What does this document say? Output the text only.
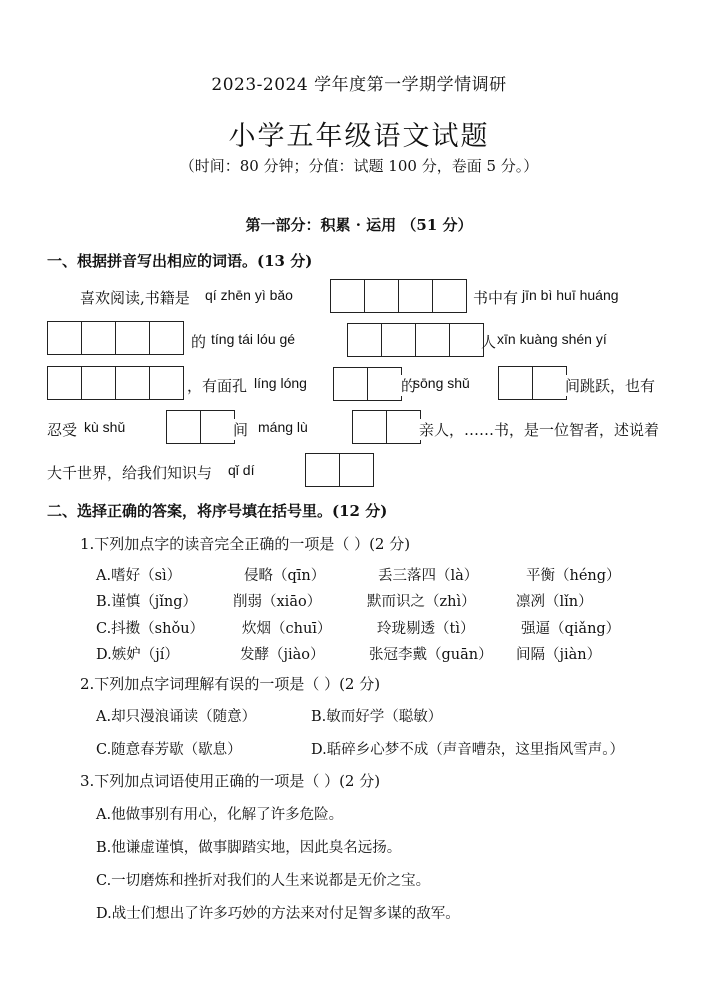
2023-2024 学年度第一学期学情调研
小学五年级语文试题
（时间：80 分钟；分值：试题 100 分，卷面 5 分。）
第一部分：积累 · 运用 （51 分）
一、根据拼音写出相应的词语。(13 分)
喜欢阅读,书籍是 qí zhēn yì bǎo	书中有 jīn bì huī huáng
的 tíng tái lóu gé	人 xīn kuàng shén yí
，有面孔 líng lóng	的
sōng shǔ	间跳跃，也有
忍受 kù shǔ	间 máng lù	亲人，……书，是一位智者，述说着
大千世界，给我们知识与 qǐ dí
二、选择正确的答案，将序号填在括号里。(12 分)
1.下列加点字的读音完全正确的一项是（ ）(2 分)
A.嗜好（sì）	侵略（qīn）	丢三落四（là）	平衡（héng）
B.谨慎（jǐng） 削弱（xiāo）	默而识之（zhì）	凛冽（lǐn）
C.抖擞（shǒu）	炊烟（chuī）	玲珑剔透（tì）	强逼（qiǎng）
D.嫉妒（jí）	发酵（jiào）	张冠李戴（guān） 间隔（jiàn）
2.下列加点字词理解有误的一项是（ ）(2 分)
A.却只漫浪诵读（随意）	B.敏而好学（聪敏）
C.随意春芳歇（歇息）	D.聒碎乡心梦不成（声音嘈杂，这里指风雪声。）
3.下列加点词语使用正确的一项是（ ）(2 分)
A.他做事别有用心，化解了许多危险。
B.他谦虚谨慎，做事脚踏实地，因此臭名远扬。
C.一切磨炼和挫折对我们的人生来说都是无价之宝。
D.战士们想出了许多巧妙的方法来对付足智多谋的敌军。
